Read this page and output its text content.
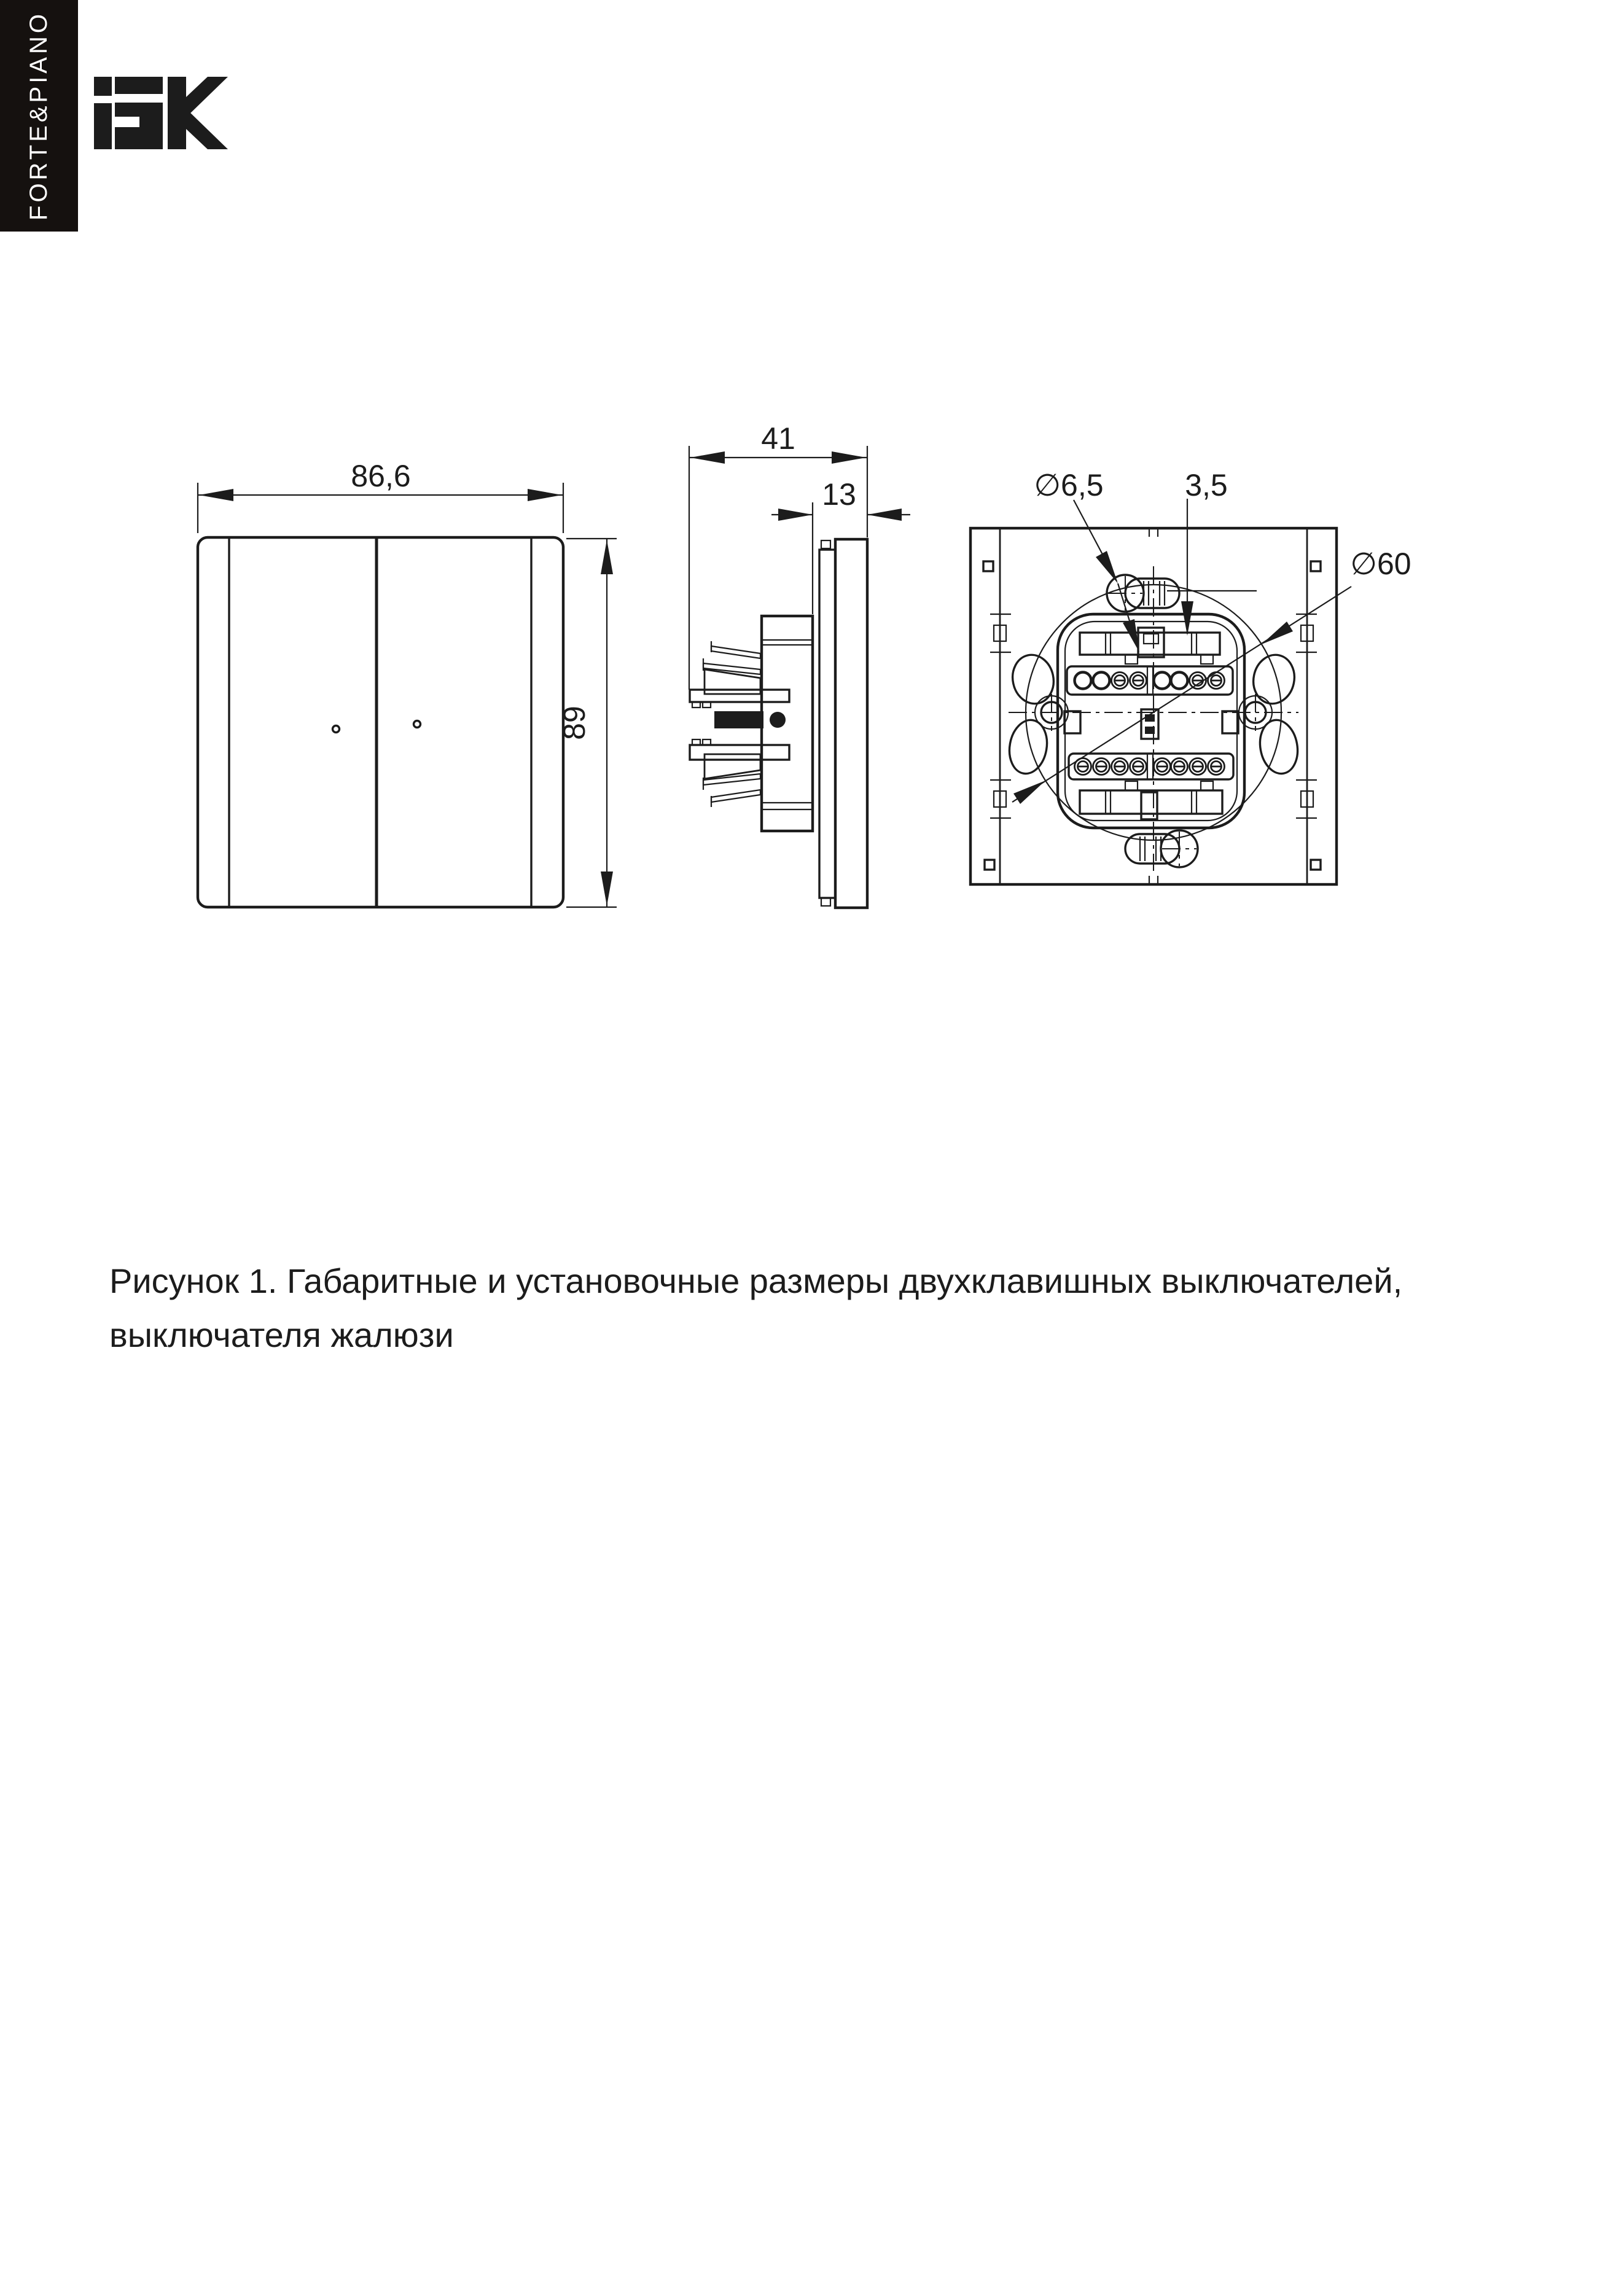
FORTE&PIANO
86,6
89
41
13	∅6,5	3,5
∅60
Рисунок 1. Габаритные и установочные размеры двухклавишных выключателей,
выключателя жалюзи
